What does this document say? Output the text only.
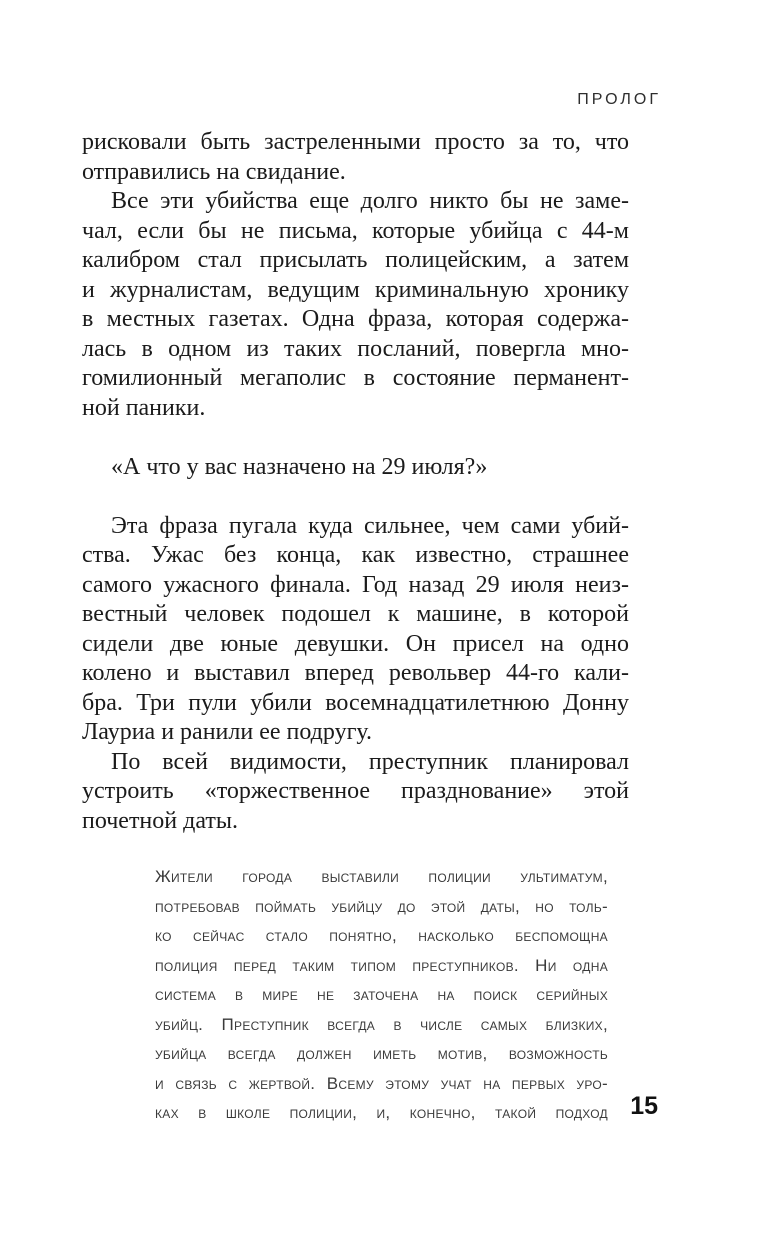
ПРОЛОГ

рисковали быть застреленными просто за то, что
отправились на свидание.

Все эти убийства еще долго никто бы не заме-
чал, если бы не письма, которые убийца с 44-м
калибром стал присылать полицейским, а затем
и журналистам, ведущим криминальную хронику
в местных газетах. Одна фраза, которая содержа-
лась в одном из таких посланий, повергла мно-
гомилионный мегаполис в состояние перманент-
ной паники.

«А что у вас назначено на 29 июля?»

Эта фраза пугала куда сильнее, чем сами убий-
ства. Ужас без конца, как известно, страшнее
самого ужасного финала. Год назад 29 июля неиз-
вестный человек подошел к машине, в которой
сидели две юные девушки. Он присел на одно
колено и выставил вперед револьвер 44-го кали-
бра. Три пули убили восемнадцатилетнюю Донну
Лауриа и ранили ее подругу.

По всей видимости, преступник планировал
устроить «торжественное празднование» этой
почетной даты.

Жители города выставили полиции ультиматум,
потребовав поймать убийцу до этой даты, но толь-
ко сейчас стало понятно, насколько беспомощна
полиция перед таким типом преступников. Ни одна
система в мире не заточена на поиск серийных
убийц. Преступник всегда в числе самых близких,
убийца всегда должен иметь мотив, возможность
и связь с жертвой. Всему этому учат на первых уро-
ках в школе полиции, и, конечно, такой подход 15
